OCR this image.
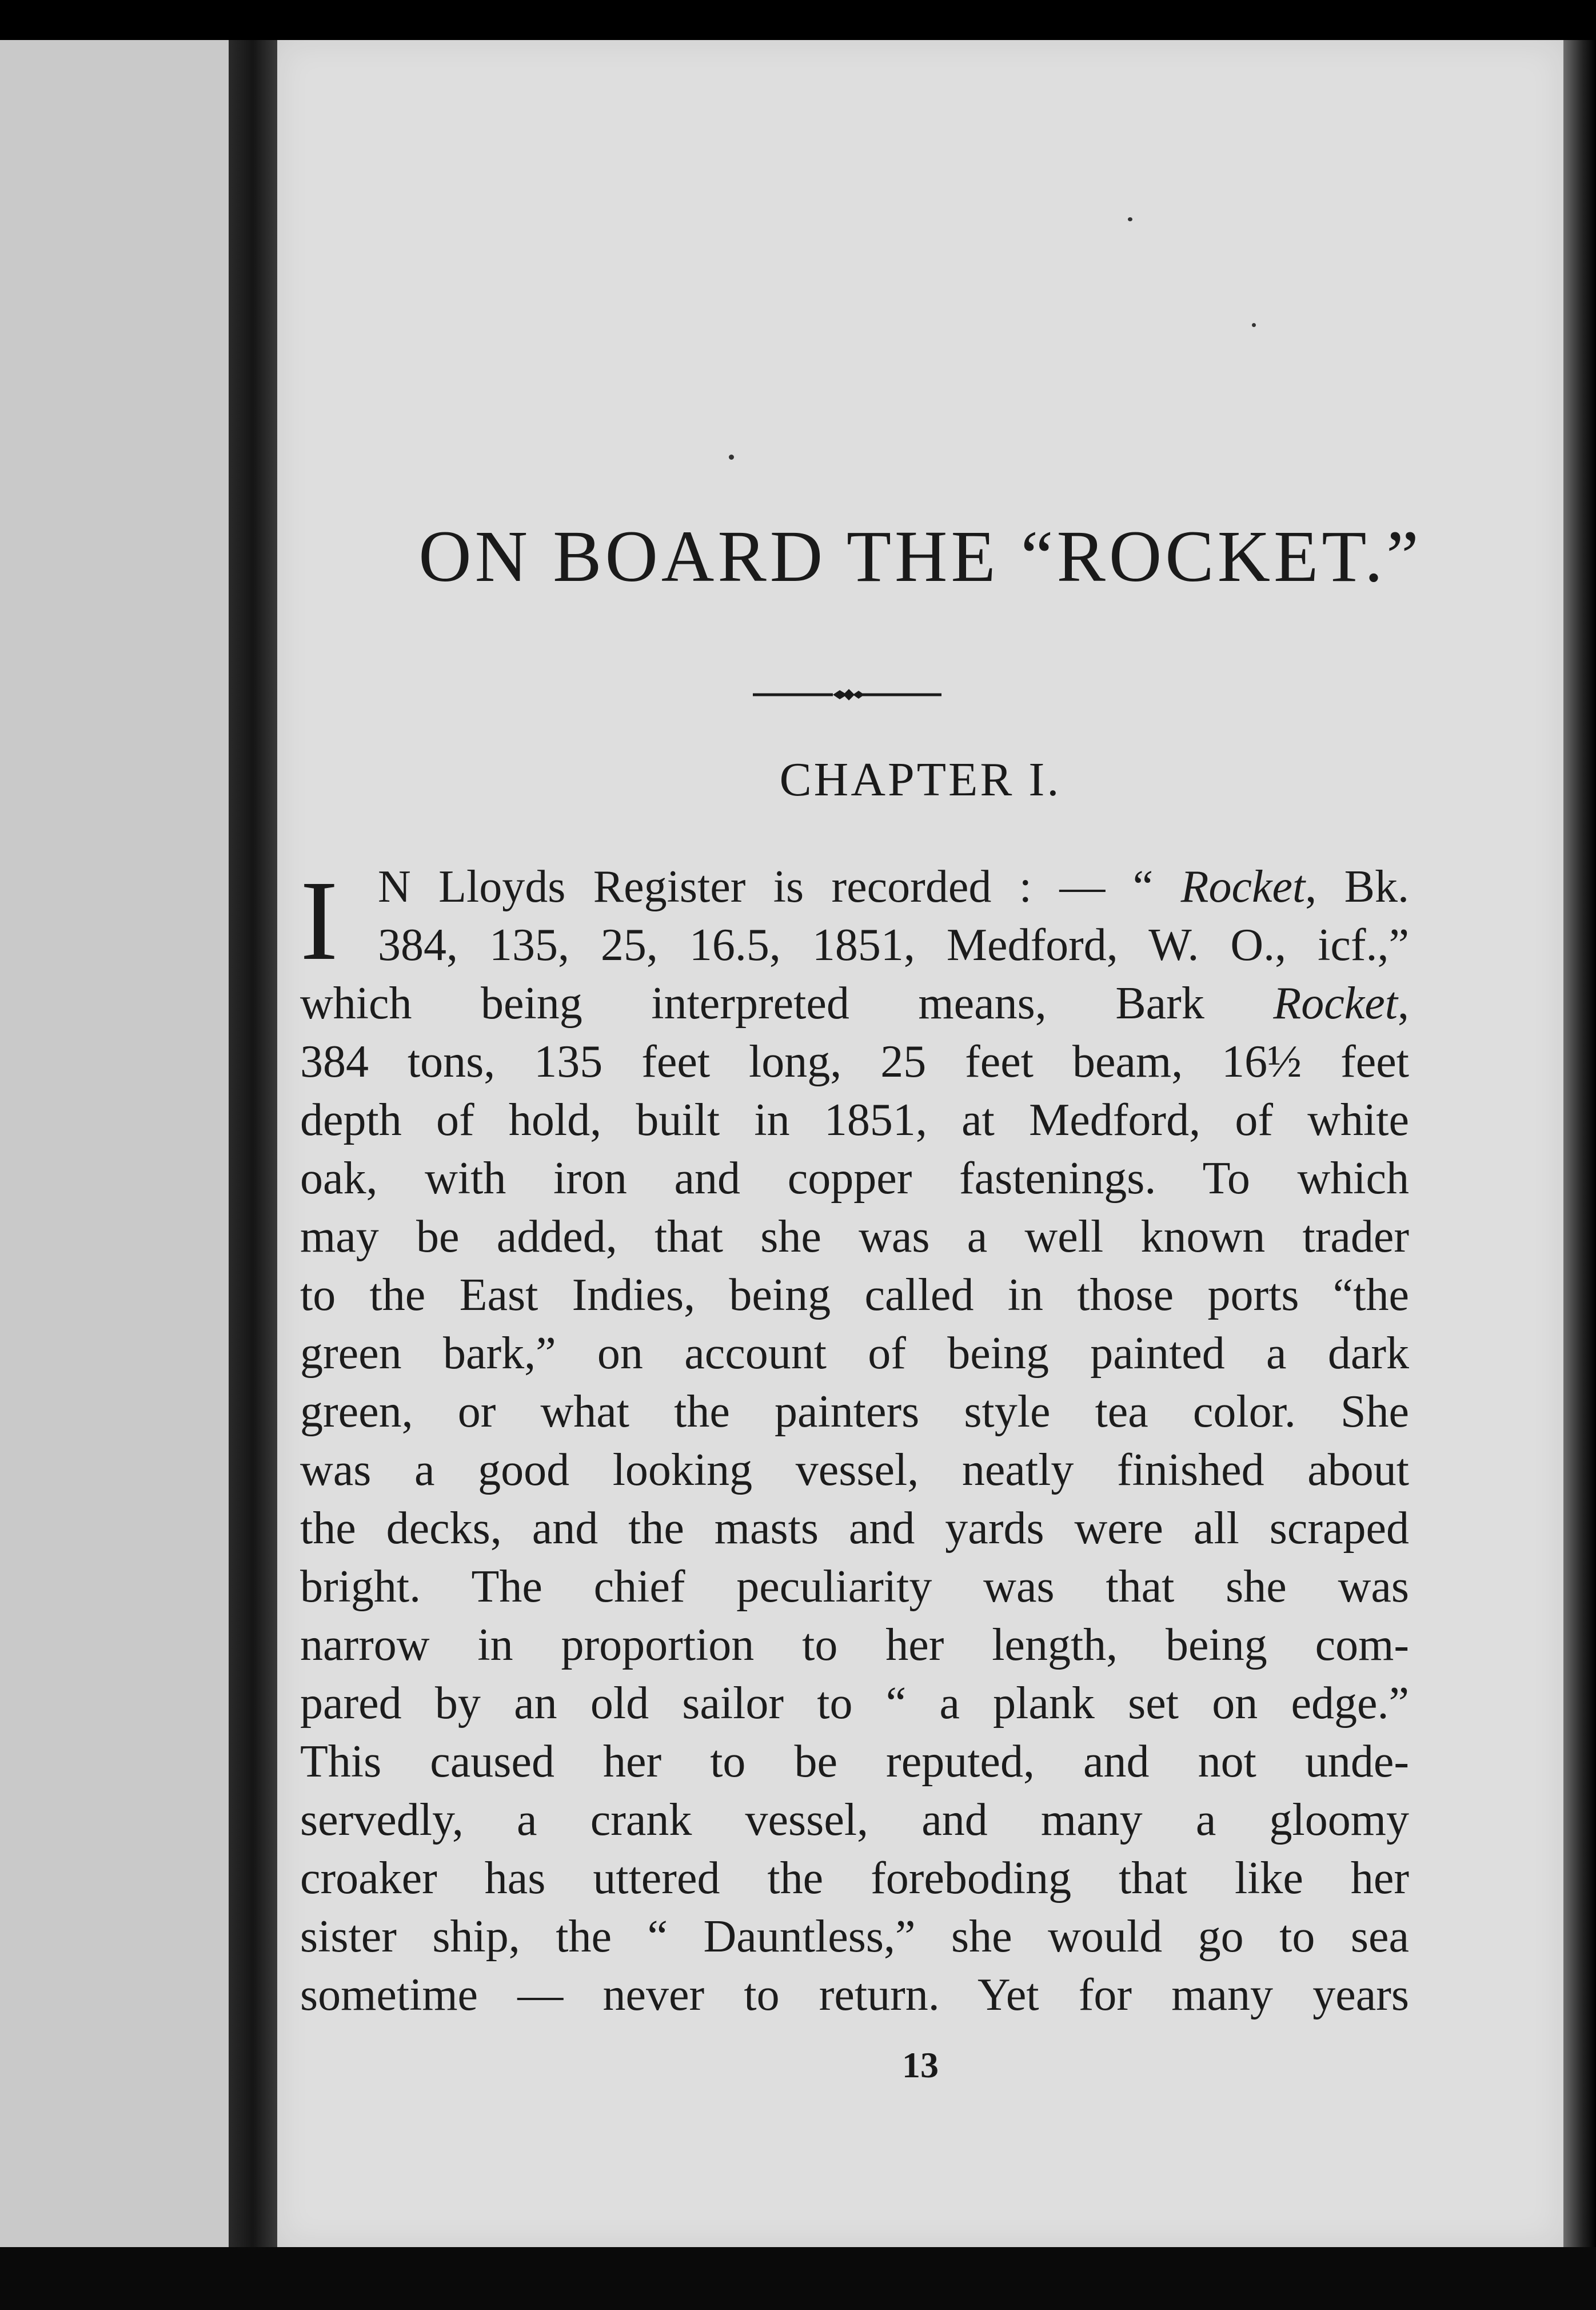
ON BOARD THE “ROCKET.”
CHAPTER I.
I N Lloyds Register is recorded : — “ Rocket, Bk.
384, 135, 25, 16.5, 1851, Medford, W. O., icf.,”
which being interpreted means, Bark Rocket,
384 tons, 135 feet long, 25 feet beam, 16½ feet
depth of hold, built in 1851, at Medford, of white
oak, with iron and copper fastenings. To which
may be added, that she was a well known trader
to the East Indies, being called in those ports “the
green bark,” on account of being painted a dark
green, or what the painters style tea color. She
was a good looking vessel, neatly finished about
the decks, and the masts and yards were all scraped
bright. The chief peculiarity was that she was
narrow in proportion to her length, being com-
pared by an old sailor to “ a plank set on edge.”
This caused her to be reputed, and not unde-
servedly, a crank vessel, and many a gloomy
croaker has uttered the foreboding that like her
sister ship, the “ Dauntless,” she would go to sea
sometime — never to return. Yet for many years
13
